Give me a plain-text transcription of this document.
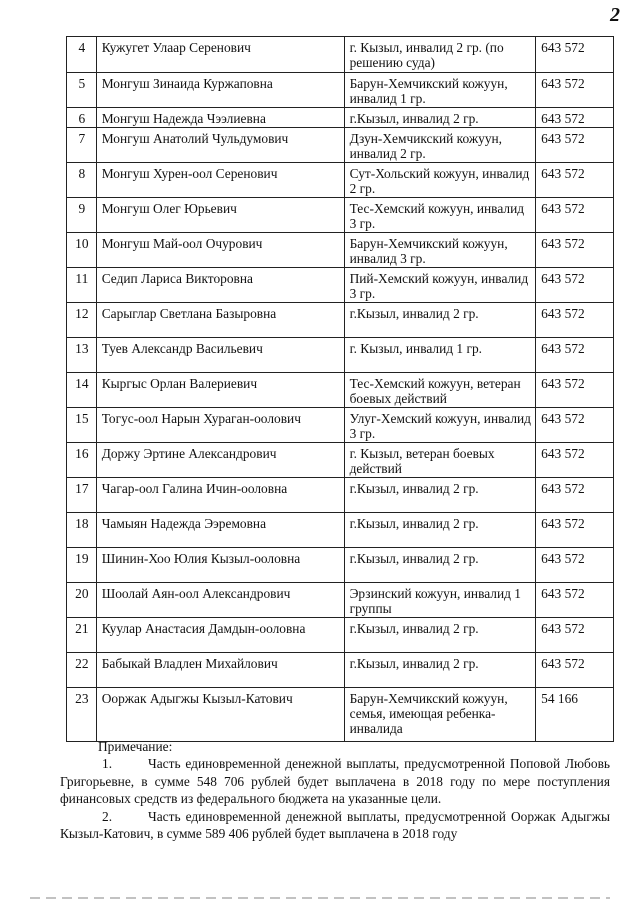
2
4	Кужугет Улаар Серенович	г. Кызыл, инвалид 2 гр. (по решению суда)	643 572
5	Монгуш Зинаида Куржаповна	Барун-Хемчикский кожуун, инвалид 1 гр.	643 572
6	Монгуш Надежда Чээлиевна	г.Кызыл, инвалид 2 гр.	643 572
7	Монгуш Анатолий Чульдумович	Дзун-Хемчикский кожуун, инвалид 2 гр.	643 572
8	Монгуш Хурен-оол Серенович	Сут-Хольский кожуун, инвалид 2 гр.	643 572
9	Монгуш Олег Юрьевич	Тес-Хемский кожуун, инвалид 3 гр.	643 572
10	Монгуш Май-оол Очурович	Барун-Хемчикский кожуун, инвалид 3 гр.	643 572
11	Седип Лариса Викторовна	Пий-Хемский кожуун, инвалид 3 гр.	643 572
12	Сарыглар Светлана Базыровна	г.Кызыл, инвалид 2 гр.	643 572
13	Туев Александр Васильевич	г. Кызыл, инвалид 1 гр.	643 572
14	Кыргыс Орлан Валериевич	Тес-Хемский кожуун, ветеран боевых действий	643 572
15	Тогус-оол Нарын Хураган-оолович	Улуг-Хемский кожуун, инвалид 3 гр.	643 572
16	Доржу Эртине Александрович	г. Кызыл, ветеран боевых действий	643 572
17	Чагар-оол Галина Ичин-ооловна	г.Кызыл, инвалид 2 гр.	643 572
18	Чамыян Надежда Ээремовна	г.Кызыл, инвалид 2 гр.	643 572
19	Шинин-Хоо Юлия Кызыл-ооловна	г.Кызыл, инвалид 2 гр.	643 572
20	Шоолай Аян-оол Александрович	Эрзинский кожуун, инвалид 1 группы	643 572
21	Куулар Анастасия Дамдын-ооловна	г.Кызыл, инвалид 2 гр.	643 572
22	Бабыкай Владлен Михайлович	г.Кызыл, инвалид 2 гр.	643 572
23	Ооржак Адыгжы Кызыл-Катович	Барун-Хемчикский кожуун, семья, имеющая ребенка-инвалида	54 166

Примечание:

1.	Часть единовременной денежной выплаты, предусмотренной Поповой Любовь Григорьевне, в сумме 548 706 рублей будет выплачена в 2018 году по мере поступления финансовых средств из федерального бюджета на указанные цели.

2.	Часть единовременной денежной выплаты, предусмотренной Ооржак Адыгжы Кызыл-Катович, в сумме 589 406 рублей будет выплачена в 2018 году
